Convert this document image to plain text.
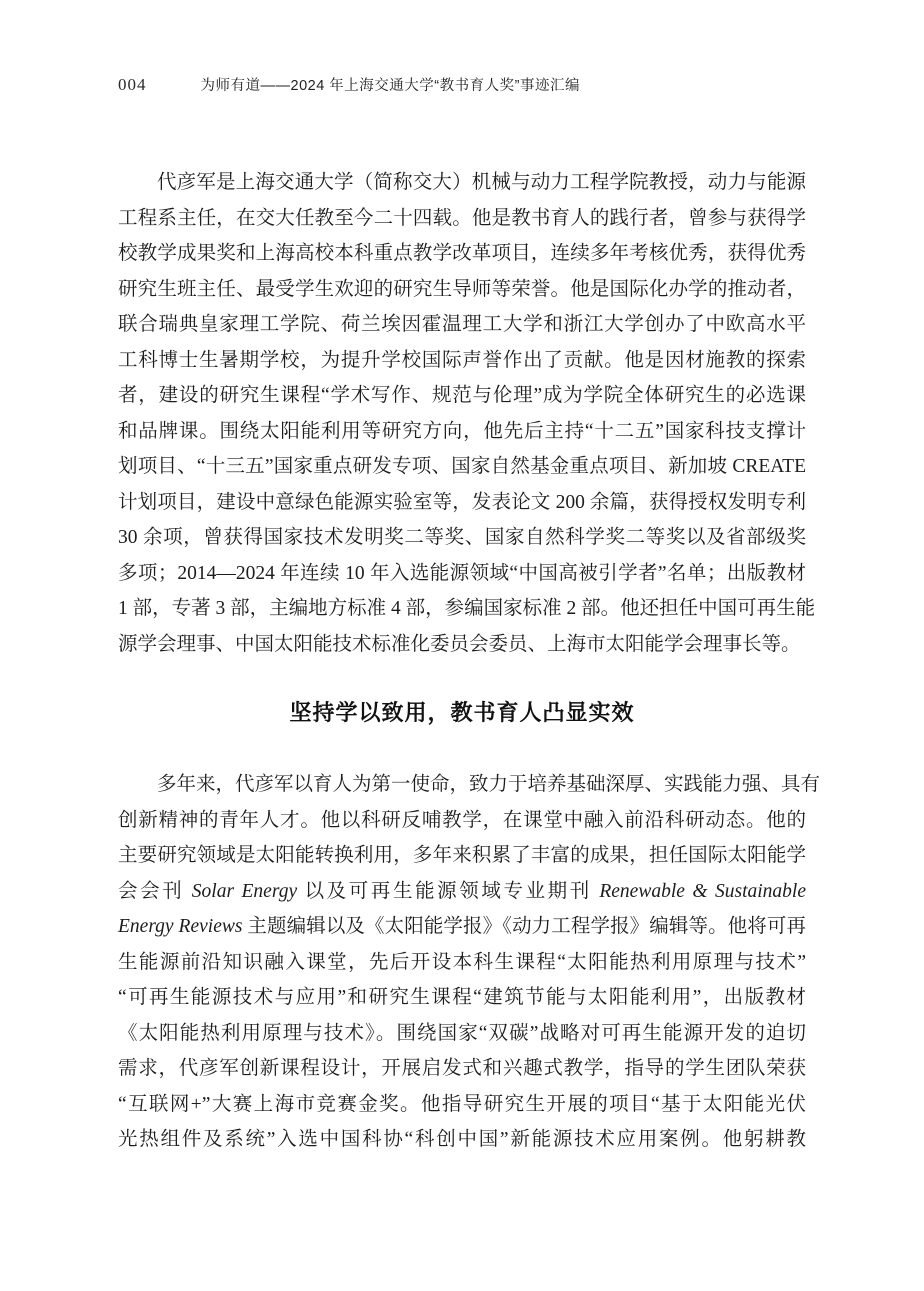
004	为师有道——2024 年上海交通大学“教书育人奖”事迹汇编
代彦军是上海交通大学（简称交大）机械与动力工程学院教授，动力与能源
工程系主任，在交大任教至今二十四载。他是教书育人的践行者，曾参与获得学
校教学成果奖和上海高校本科重点教学改革项目，连续多年考核优秀，获得优秀
研究生班主任、最受学生欢迎的研究生导师等荣誉。他是国际化办学的推动者，
联合瑞典皇家理工学院、荷兰埃因霍温理工大学和浙江大学创办了中欧高水平
工科博士生暑期学校，为提升学校国际声誉作出了贡献。他是因材施教的探索
者，建设的研究生课程“学术写作、规范与伦理”成为学院全体研究生的必选课
和品牌课。围绕太阳能利用等研究方向，他先后主持“十二五”国家科技支撑计
划项目、“十三五”国家重点研发专项、国家自然基金重点项目、新加坡 CREATE
计划项目，建设中意绿色能源实验室等，发表论文 200 余篇，获得授权发明专利
30 余项，曾获得国家技术发明奖二等奖、国家自然科学奖二等奖以及省部级奖
多项；2014—2024 年连续 10 年入选能源领域“中国高被引学者”名单；出版教材
1 部，专著 3 部，主编地方标准 4 部，参编国家标准 2 部。他还担任中国可再生能
源学会理事、中国太阳能技术标准化委员会委员、上海市太阳能学会理事长等。
坚持学以致用，教书育人凸显实效
多年来，代彦军以育人为第一使命，致力于培养基础深厚、实践能力强、具有
创新精神的青年人才。他以科研反哺教学，在课堂中融入前沿科研动态。他的
主要研究领域是太阳能转换利用，多年来积累了丰富的成果，担任国际太阳能学
会会刊 Solar Energy 以及可再生能源领域专业期刊 Renewable & Sustainable
Energy Reviews 主题编辑以及《太阳能学报》《动力工程学报》编辑等。他将可再
生能源前沿知识融入课堂，先后开设本科生课程“太阳能热利用原理与技术”
“可再生能源技术与应用”和研究生课程“建筑节能与太阳能利用”，出版教材
《太阳能热利用原理与技术》。围绕国家“双碳”战略对可再生能源开发的迫切
需求，代彦军创新课程设计，开展启发式和兴趣式教学，指导的学生团队荣获
“互联网+”大赛上海市竞赛金奖。他指导研究生开展的项目“基于太阳能光伏
光热组件及系统”入选中国科协“科创中国”新能源技术应用案例。他躬耕教
